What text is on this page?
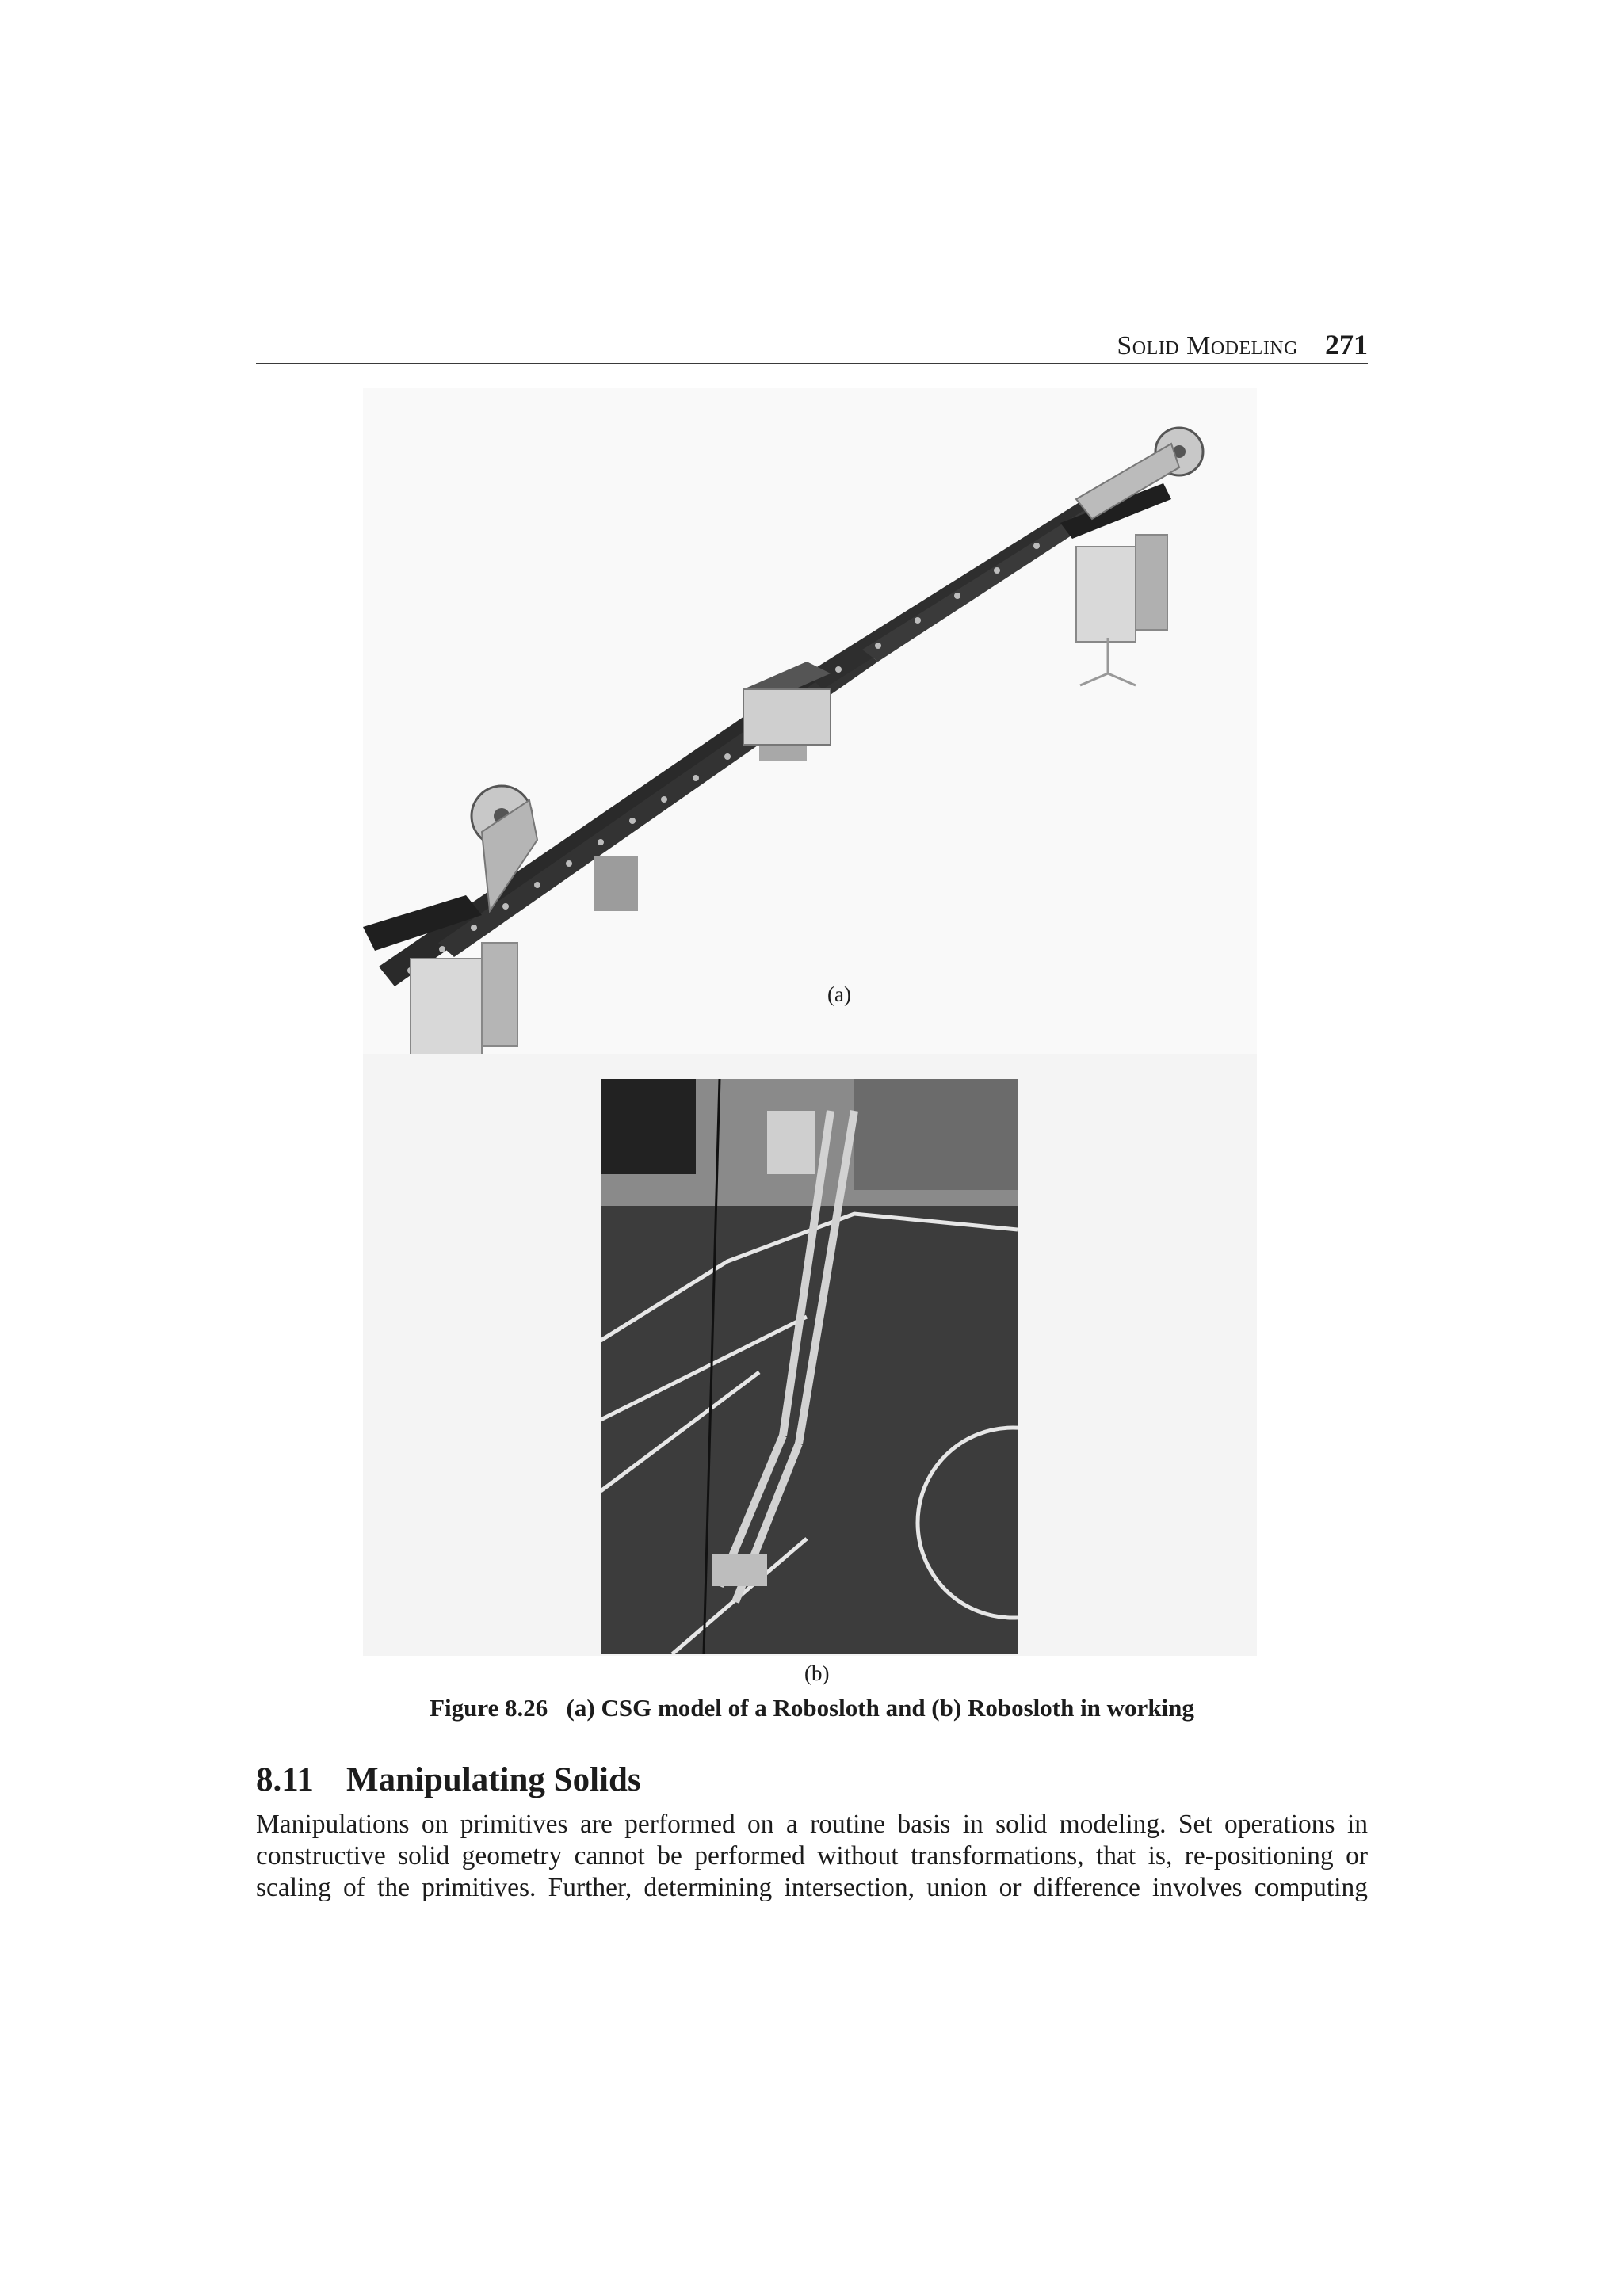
Solid Modeling 271
(a)
(b)
Figure 8.26   (a) CSG model of a Robosloth and (b) Robosloth in working
8.11 Manipulating Solids
Manipulations on primitives are performed on a routine basis in solid modeling. Set operations in
constructive solid geometry cannot be performed without transformations, that is, re-positioning or
scaling of the primitives. Further, determining intersection, union or difference involves computing
